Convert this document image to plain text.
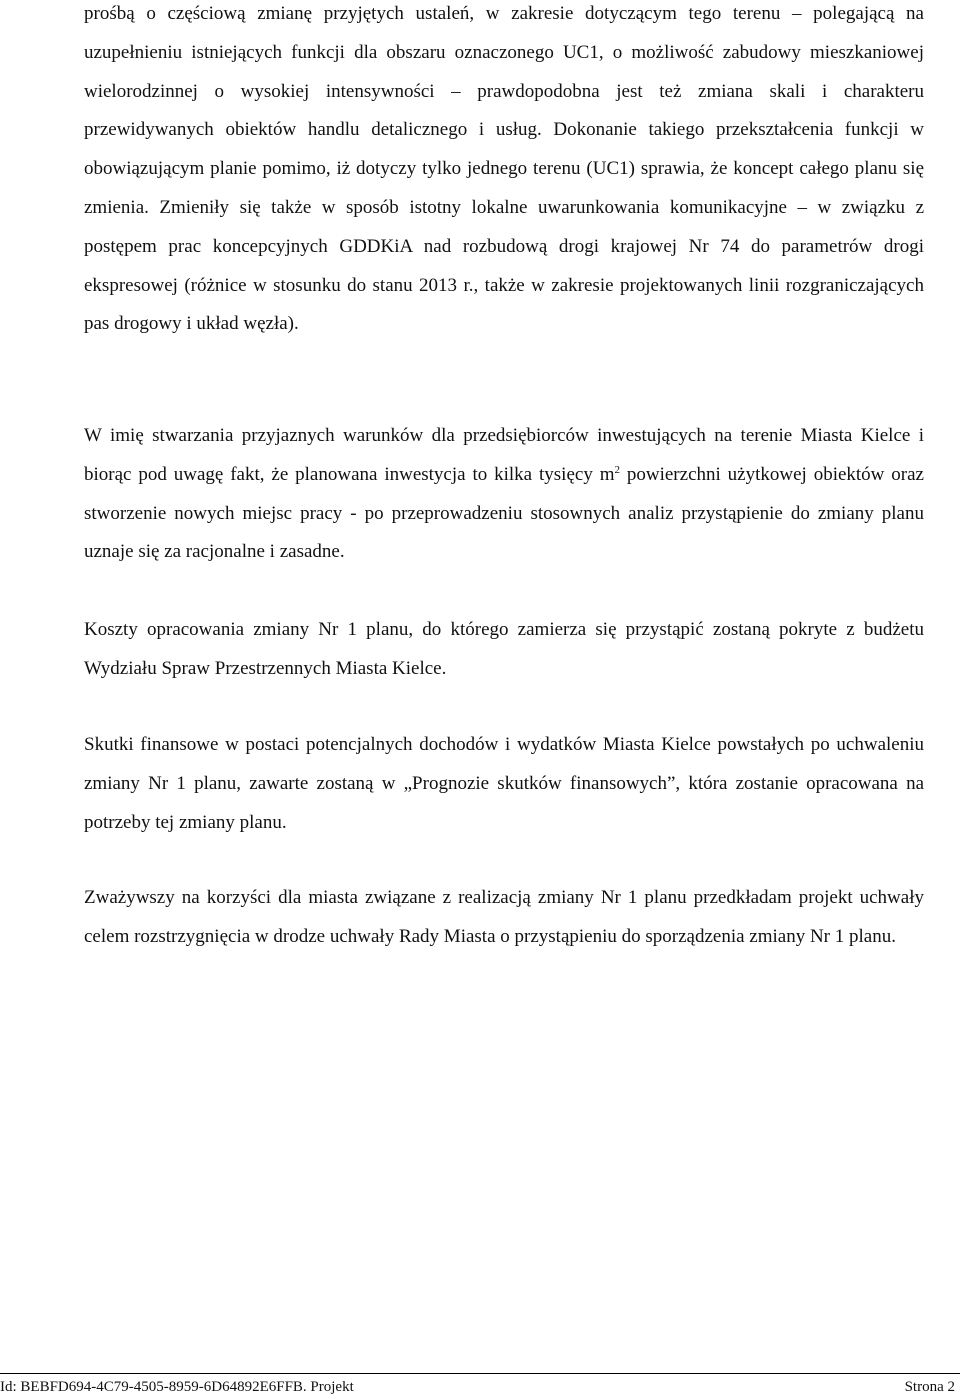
prośbą o częściową zmianę przyjętych ustaleń, w zakresie dotyczącym tego terenu – polegającą na uzupełnieniu istniejących funkcji dla obszaru oznaczonego UC1, o możliwość zabudowy mieszkaniowej wielorodzinnej o wysokiej intensywności – prawdopodobna jest też zmiana skali i charakteru przewidywanych obiektów handlu detalicznego i usług. Dokonanie takiego przekształcenia funkcji w obowiązującym planie pomimo, iż dotyczy tylko jednego terenu (UC1) sprawia, że koncept całego planu się zmienia. Zmieniły się także w sposób istotny lokalne uwarunkowania komunikacyjne – w związku z postępem prac koncepcyjnych GDDKiA nad rozbudową drogi krajowej Nr 74 do parametrów drogi ekspresowej (różnice w stosunku do stanu 2013 r., także w zakresie projektowanych linii rozgraniczających pas drogowy i układ węzła).

W imię stwarzania przyjaznych warunków dla przedsiębiorców inwestujących na terenie Miasta Kielce i biorąc pod uwagę fakt, że planowana inwestycja to kilka tysięcy $m^2$ powierzchni użytkowej obiektów oraz stworzenie nowych miejsc pracy - po przeprowadzeniu stosownych analiz przystąpienie do zmiany planu uznaje się za racjonalne i zasadne.

Koszty opracowania zmiany Nr 1 planu, do którego zamierza się przystąpić zostaną pokryte z budżetu Wydziału Spraw Przestrzennych Miasta Kielce.

Skutki finansowe w postaci potencjalnych dochodów i wydatków Miasta Kielce powstałych po uchwaleniu zmiany Nr 1 planu, zawarte zostaną w „Prognozie skutków finansowych”, która zostanie opracowana na potrzeby tej zmiany planu.

Zważywszy na korzyści dla miasta związane z realizacją zmiany Nr 1 planu przedkładam projekt uchwały celem rozstrzygnięcia w drodze uchwały Rady Miasta o przystąpieniu do sporządzenia zmiany Nr 1 planu.

Id: BEBFD694-4C79-4505-8959-6D64892E6FFB. Projekt	Strona 2
